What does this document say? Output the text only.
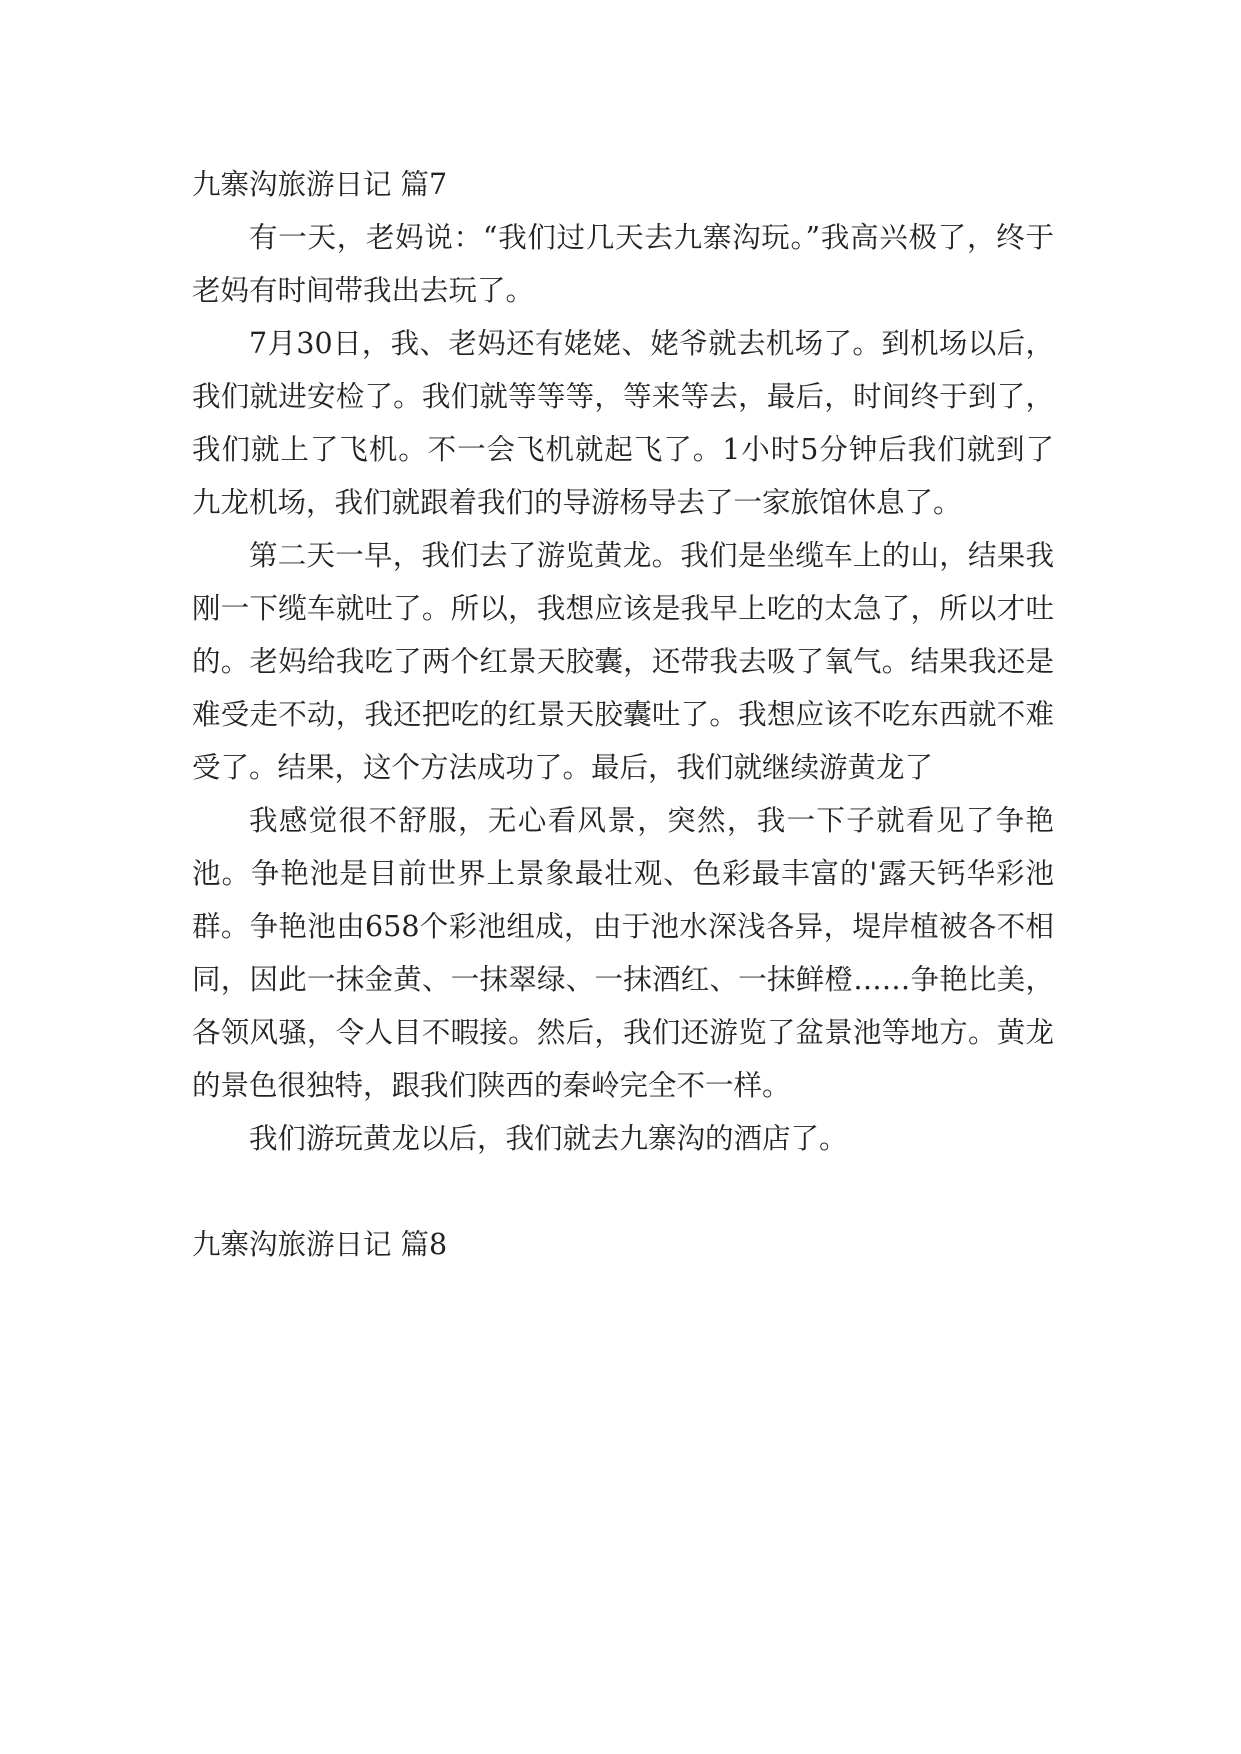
九寨沟旅游日记 篇7

有一天，老妈说：“我们过几天去九寨沟玩。”我高兴极了，终于老妈有时间带我出去玩了。

7月30日，我、老妈还有姥姥、姥爷就去机场了。到机场以后，我们就进安检了。我们就等等等，等来等去，最后，时间终于到了，我们就上了飞机。不一会飞机就起飞了。1小时5分钟后我们就到了九龙机场，我们就跟着我们的导游杨导去了一家旅馆休息了。

第二天一早，我们去了游览黄龙。我们是坐缆车上的山，结果我刚一下缆车就吐了。所以，我想应该是我早上吃的太急了，所以才吐的。老妈给我吃了两个红景天胶囊，还带我去吸了氧气。结果我还是难受走不动，我还把吃的红景天胶囊吐了。我想应该不吃东西就不难受了。结果，这个方法成功了。最后，我们就继续游黄龙了

我感觉很不舒服，无心看风景，突然，我一下子就看见了争艳池。争艳池是目前世界上景象最壮观、色彩最丰富的'露天钙华彩池群。争艳池由658个彩池组成，由于池水深浅各异，堤岸植被各不相同，因此一抹金黄、一抹翠绿、一抹酒红、一抹鲜橙……争艳比美，各领风骚，令人目不暇接。然后，我们还游览了盆景池等地方。黄龙的景色很独特，跟我们陕西的秦岭完全不一样。

我们游玩黄龙以后，我们就去九寨沟的酒店了。

九寨沟旅游日记 篇8
